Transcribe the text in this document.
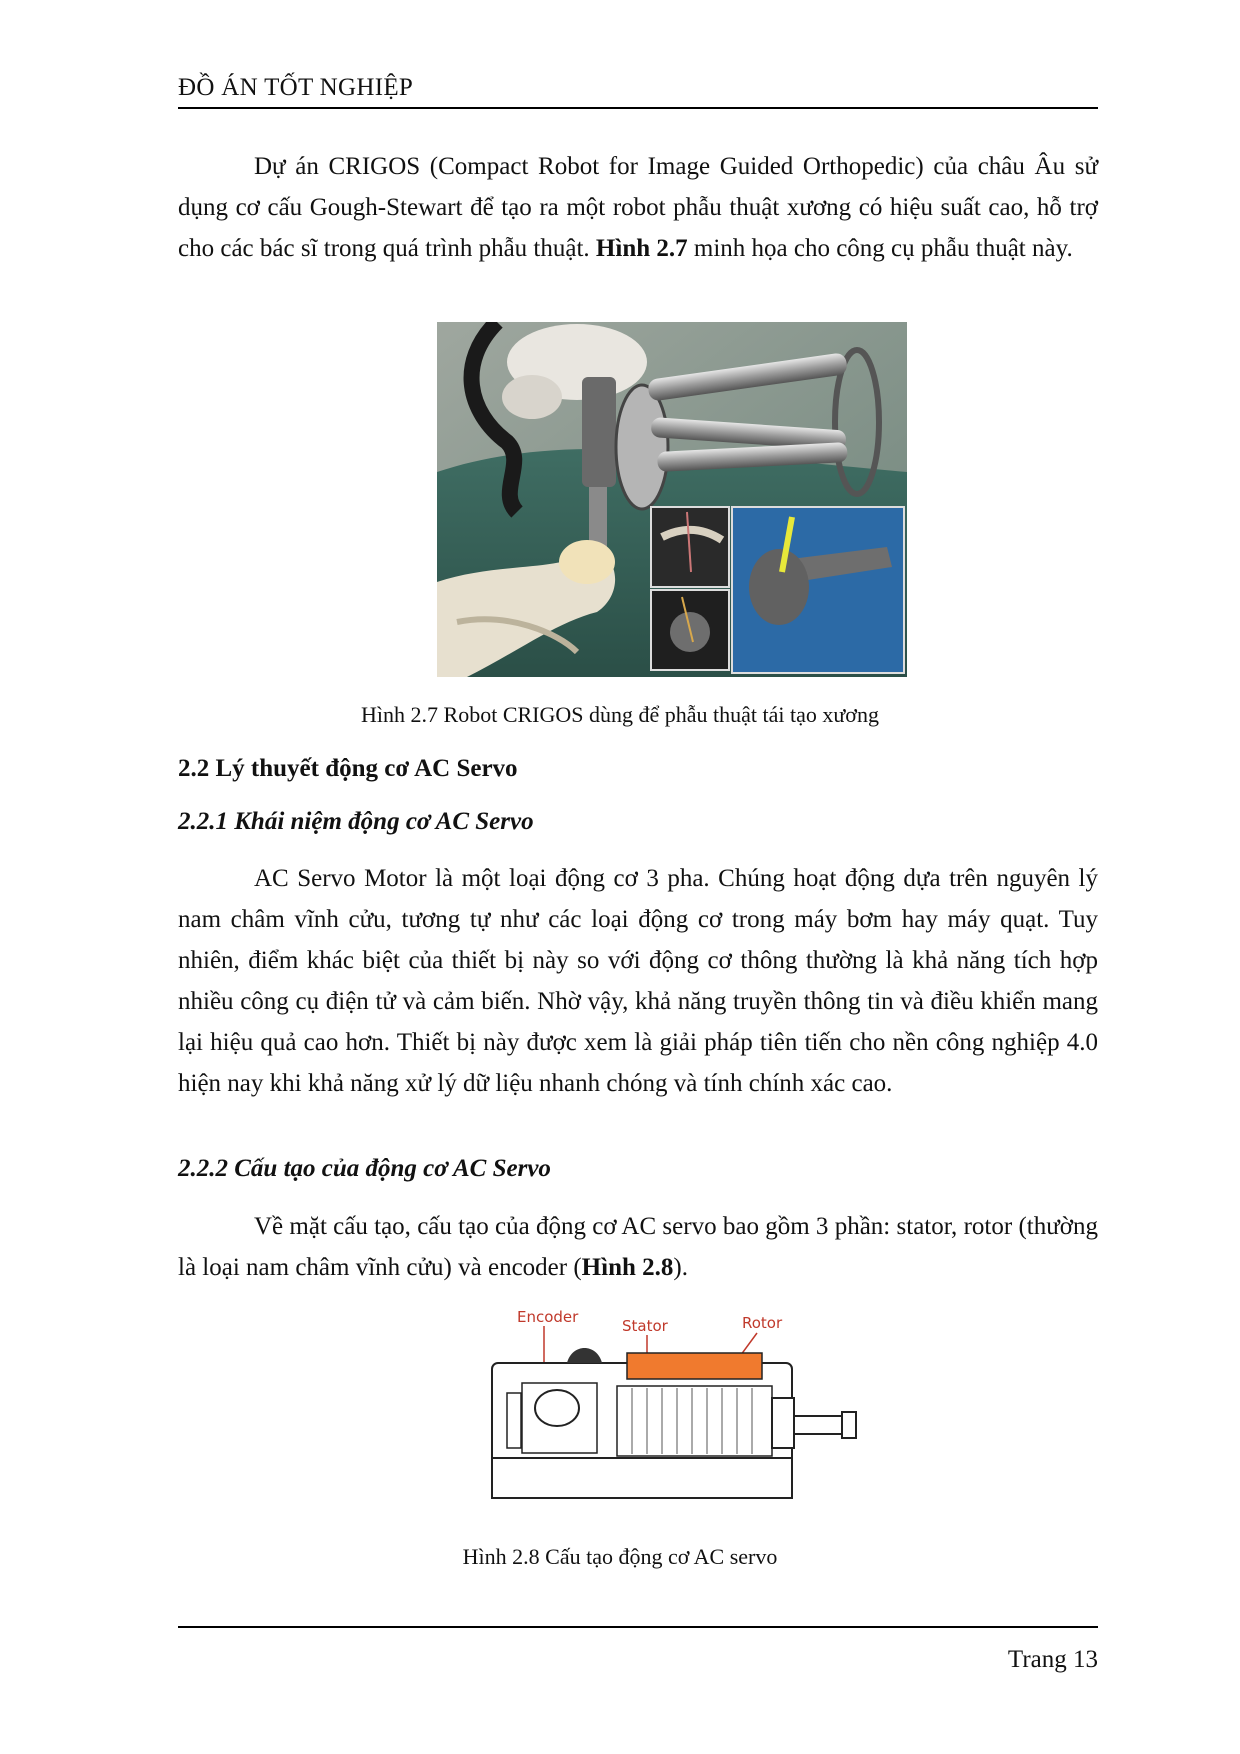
ĐỒ ÁN TỐT NGHIỆP

Dự án CRIGOS (Compact Robot for Image Guided Orthopedic) của châu Âu sử dụng cơ cấu Gough-Stewart để tạo ra một robot phẫu thuật xương có hiệu suất cao, hỗ trợ cho các bác sĩ trong quá trình phẫu thuật. Hình 2.7 minh họa cho công cụ phẫu thuật này.

Hình 2.7 Robot CRIGOS dùng để phẫu thuật tái tạo xương
2.2 Lý thuyết động cơ AC Servo
2.2.1 Khái niệm động cơ AC Servo

AC Servo Motor là một loại động cơ 3 pha. Chúng hoạt động dựa trên nguyên lý nam châm vĩnh cửu, tương tự như các loại động cơ trong máy bơm hay máy quạt. Tuy nhiên, điểm khác biệt của thiết bị này so với động cơ thông thường là khả năng tích hợp nhiều công cụ điện tử và cảm biến. Nhờ vậy, khả năng truyền thông tin và điều khiển mang lại hiệu quả cao hơn. Thiết bị này được xem là giải pháp tiên tiến cho nền công nghiệp 4.0 hiện nay khi khả năng xử lý dữ liệu nhanh chóng và tính chính xác cao.

2.2.2 Cấu tạo của động cơ AC Servo

Về mặt cấu tạo, cấu tạo của động cơ AC servo bao gồm 3 phần: stator, rotor (thường là loại nam châm vĩnh cửu) và encoder (Hình 2.8).

Encoder	Stator	Rotor
Hình 2.8 Cấu tạo động cơ AC servo
Trang 13
